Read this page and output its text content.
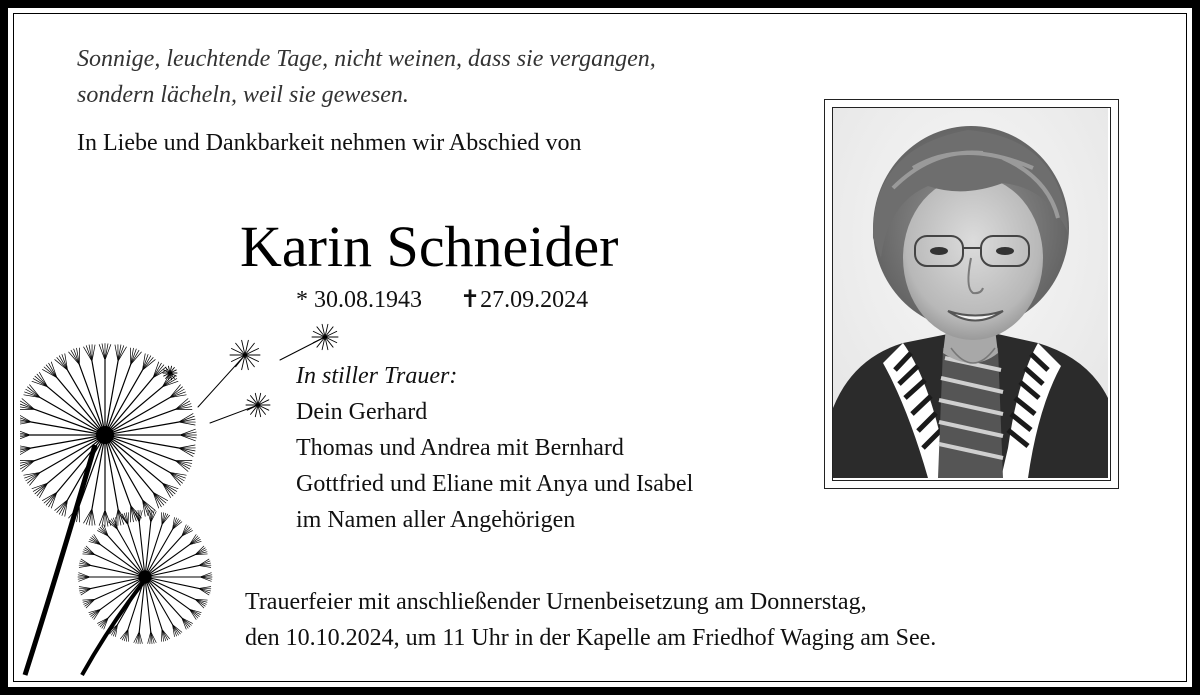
Sonnige, leuchtende Tage, nicht weinen, dass sie vergangen,
sondern lächeln, weil sie gewesen.
In Liebe und Dankbarkeit nehmen wir Abschied von
Karin Schneider
* 30.08.1943 ✝27.09.2024
In stiller Trauer:
Dein Gerhard
Thomas und Andrea mit Bernhard
Gottfried und Eliane mit Anya und Isabel
im Namen aller Angehörigen
Trauerfeier mit anschließender Urnenbeisetzung am Donnerstag,
den 10.10.2024, um 11 Uhr in der Kapelle am Friedhof Waging am See.
